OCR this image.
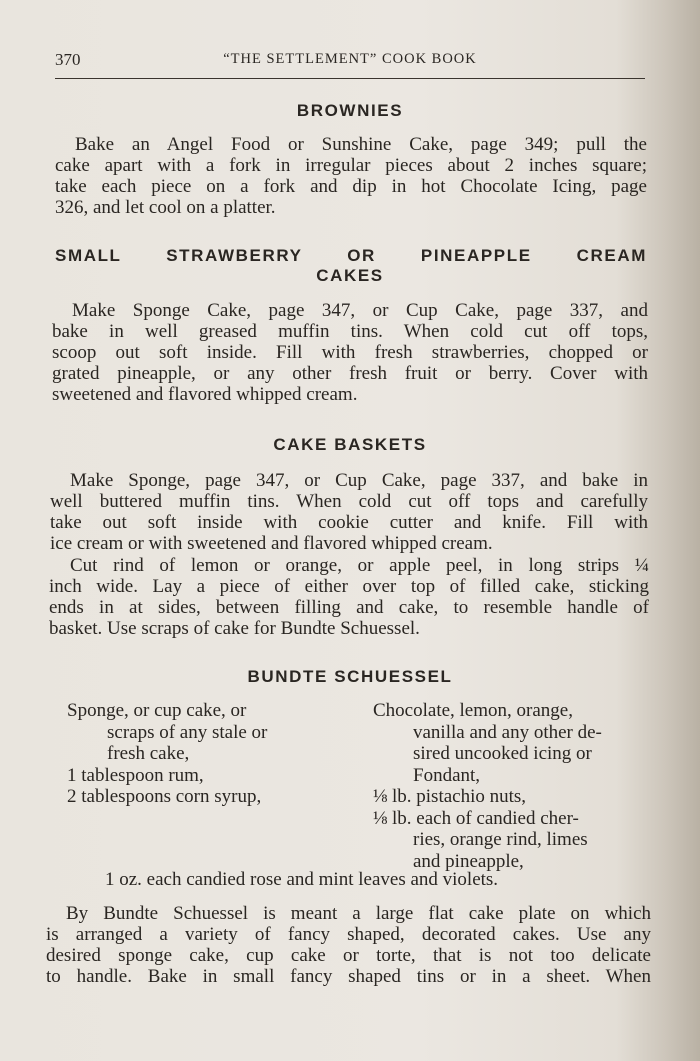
370	“THE SETTLEMENT” COOK BOOK
BROWNIES
Bake an Angel Food or Sunshine Cake, page 349; pull the
cake apart with a fork in irregular pieces about 2 inches square;
take each piece on a fork and dip in hot Chocolate Icing, page
326, and let cool on a platter.
SMALL STRAWBERRY OR PINEAPPLE CREAM
CAKES
Make Sponge Cake, page 347, or Cup Cake, page 337, and
bake in well greased muffin tins. When cold cut off tops,
scoop out soft inside. Fill with fresh strawberries, chopped or
grated pineapple, or any other fresh fruit or berry. Cover with
sweetened and flavored whipped cream.
CAKE BASKETS
Make Sponge, page 347, or Cup Cake, page 337, and bake in
well buttered muffin tins. When cold cut off tops and carefully
take out soft inside with cookie cutter and knife. Fill with
ice cream or with sweetened and flavored whipped cream.
Cut rind of lemon or orange, or apple peel, in long strips ¼
inch wide. Lay a piece of either over top of filled cake, sticking
ends in at sides, between filling and cake, to resemble handle of
basket. Use scraps of cake for Bundte Schuessel.
BUNDTE SCHUESSEL
Sponge, or cup cake, or
scraps of any stale or
fresh cake,
1 tablespoon rum,
2 tablespoons corn syrup,
Chocolate, lemon, orange,
vanilla and any other de-
sired uncooked icing or
Fondant,
⅛ lb. pistachio nuts,
⅛ lb. each of candied cher-
ries, orange rind, limes
and pineapple,
1 oz. each candied rose and mint leaves and violets.
By Bundte Schuessel is meant a large flat cake plate on which
is arranged a variety of fancy shaped, decorated cakes. Use any
desired sponge cake, cup cake or torte, that is not too delicate
to handle. Bake in small fancy shaped tins or in a sheet. When
